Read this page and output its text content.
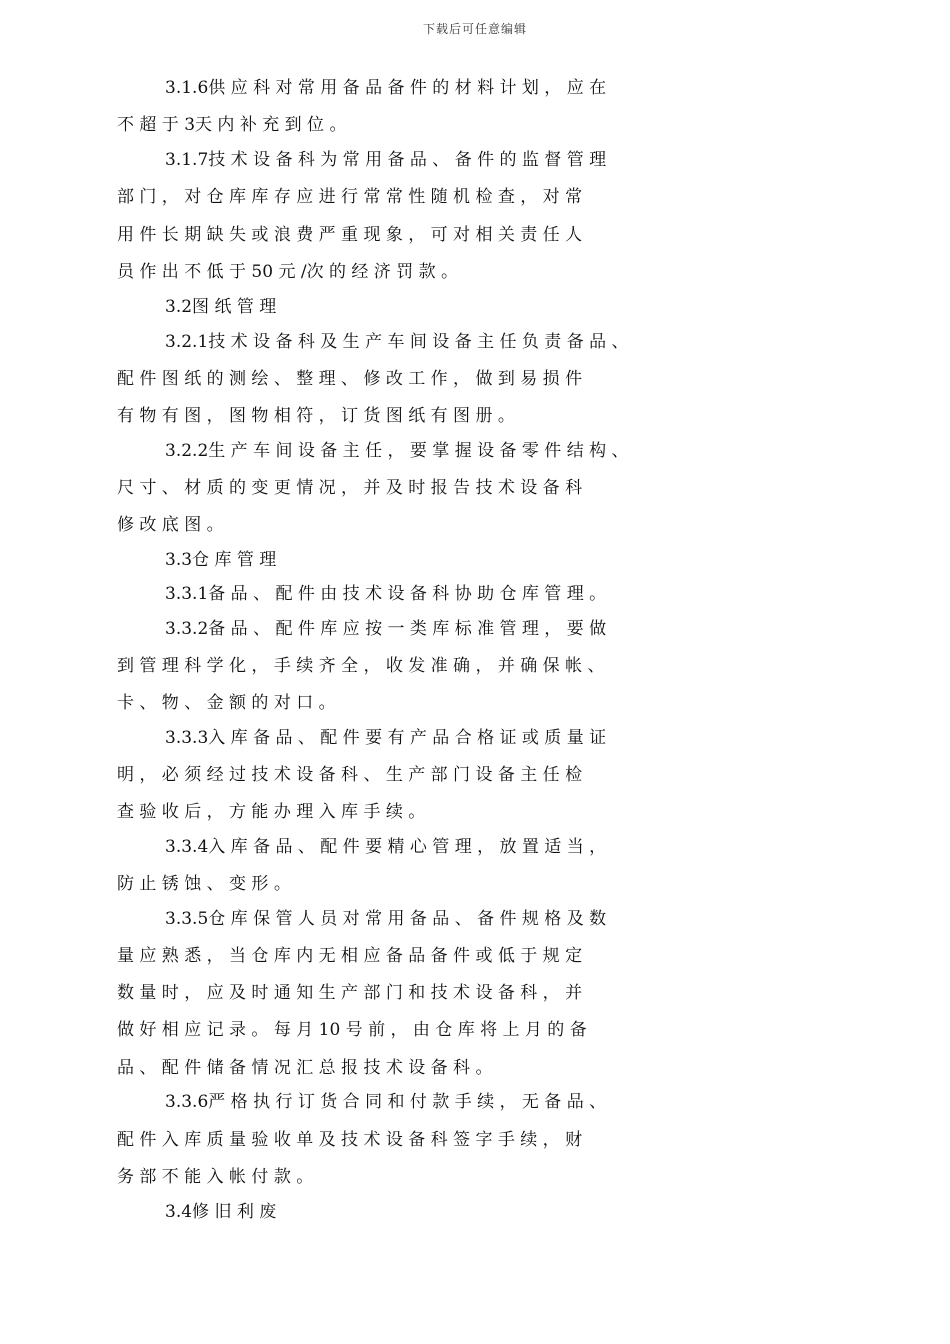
下载后可任意编辑
3.1.6供 应 科 对 常 用 备 品 备 件 的 材 料 计 划 ， 应 在
不 超 于 3天 内 补 充 到 位 。
3.1.7技 术 设 备 科 为 常 用 备 品 、 备 件 的 监 督 管 理
部 门 ， 对 仓 库 库 存 应 进 行 常 常 性 随 机 检 查 ， 对 常
用 件 长 期 缺 失 或 浪 费 严 重 现 象 ， 可 对 相 关 责 任 人
员 作 出 不 低 于 50 元 /次 的 经 济 罚 款 。
3.2图 纸 管 理
3.2.1技 术 设 备 科 及 生 产 车 间 设 备 主 任 负 责 备 品 、
配 件 图 纸 的 测 绘 、 整 理 、 修 改 工 作 ， 做 到 易 损 件
有 物 有 图 ， 图 物 相 符 ， 订 货 图 纸 有 图 册 。
3.2.2生 产 车 间 设 备 主 任 ， 要 掌 握 设 备 零 件 结 构 、
尺 寸 、 材 质 的 变 更 情 况 ， 并 及 时 报 告 技 术 设 备 科
修 改 底 图 。
3.3仓 库 管 理
3.3.1备 品 、 配 件 由 技 术 设 备 科 协 助 仓 库 管 理 。
3.3.2备 品 、 配 件 库 应 按 一 类 库 标 准 管 理 ， 要 做
到 管 理 科 学 化 ， 手 续 齐 全 ， 收 发 准 确 ， 并 确 保 帐 、
卡 、 物 、 金 额 的 对 口 。
3.3.3入 库 备 品 、 配 件 要 有 产 品 合 格 证 或 质 量 证
明 ， 必 须 经 过 技 术 设 备 科 、 生 产 部 门 设 备 主 任 检
查 验 收 后 ， 方 能 办 理 入 库 手 续 。
3.3.4入 库 备 品 、 配 件 要 精 心 管 理 ， 放 置 适 当 ，
防 止 锈 蚀 、 变 形 。
3.3.5仓 库 保 管 人 员 对 常 用 备 品 、 备 件 规 格 及 数
量 应 熟 悉 ， 当 仓 库 内 无 相 应 备 品 备 件 或 低 于 规 定
数 量 时 ， 应 及 时 通 知 生 产 部 门 和 技 术 设 备 科 ， 并
做 好 相 应 记 录 。 每 月 10 号 前 ， 由 仓 库 将 上 月 的 备
品 、 配 件 储 备 情 况 汇 总 报 技 术 设 备 科 。
3.3.6严 格 执 行 订 货 合 同 和 付 款 手 续 ， 无 备 品 、
配 件 入 库 质 量 验 收 单 及 技 术 设 备 科 签 字 手 续 ， 财
务 部 不 能 入 帐 付 款 。
3.4修 旧 利 废
